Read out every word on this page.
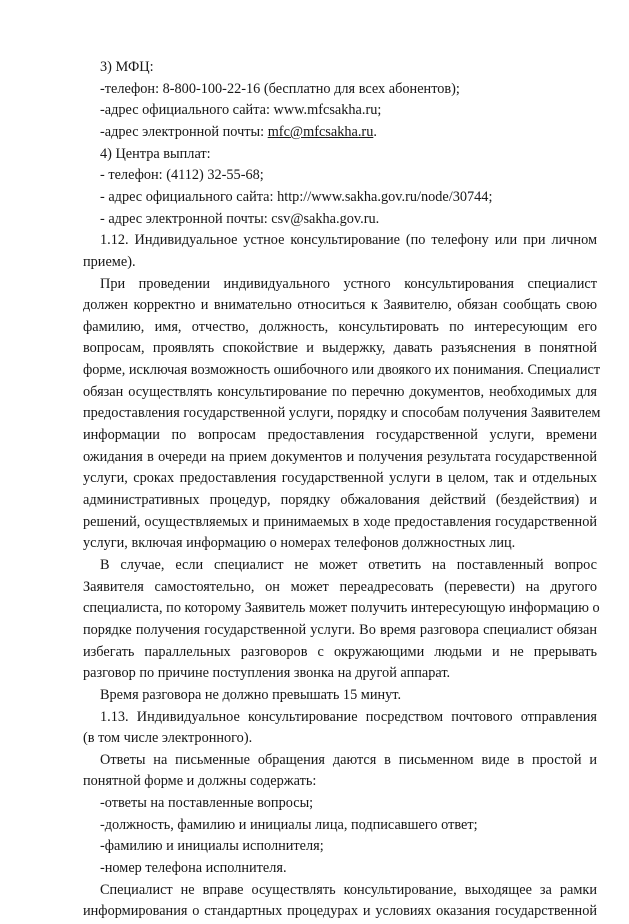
3) МФЦ:
-телефон: 8-800-100-22-16 (бесплатно для всех абонентов);
-адрес официального сайта: www.mfcsakha.ru;
-адрес электронной почты: mfc@mfcsakha.ru.
4) Центра выплат:
- телефон: (4112) 32-55-68;
- адрес официального сайта: http://www.sakha.gov.ru/node/30744;
- адрес электронной почты: csv@sakha.gov.ru.
1.12. Индивидуальное устное консультирование (по телефону или при личном
приеме).
При проведении индивидуального устного консультирования специалист
должен корректно и внимательно относиться к Заявителю, обязан сообщать свою
фамилию, имя, отчество, должность, консультировать по интересующим его
вопросам, проявлять спокойствие и выдержку, давать разъяснения в понятной
форме, исключая возможность ошибочного или двоякого их понимания. Специалист
обязан осуществлять консультирование по перечню документов, необходимых для
предоставления государственной услуги, порядку и способам получения Заявителем
информации по вопросам предоставления государственной услуги, времени
ожидания в очереди на прием документов и получения результата государственной
услуги, сроках предоставления государственной услуги в целом, так и отдельных
административных процедур, порядку обжалования действий (бездействия) и
решений, осуществляемых и принимаемых в ходе предоставления государственной
услуги, включая информацию о номерах телефонов должностных лиц.
В случае, если специалист не может ответить на поставленный вопрос
Заявителя самостоятельно, он может переадресовать (перевести) на другого
специалиста, по которому Заявитель может получить интересующую информацию о
порядке получения государственной услуги. Во время разговора специалист обязан
избегать параллельных разговоров с окружающими людьми и не прерывать
разговор по причине поступления звонка на другой аппарат.
Время разговора не должно превышать 15 минут.
1.13. Индивидуальное консультирование посредством почтового отправления
(в том числе электронного).
Ответы на письменные обращения даются в письменном виде в простой и
понятной форме и должны содержать:
-ответы на поставленные вопросы;
-должность, фамилию и инициалы лица, подписавшего ответ;
-фамилию и инициалы исполнителя;
-номер телефона исполнителя.
Специалист не вправе осуществлять консультирование, выходящее за рамки
информирования о стандартных процедурах и условиях оказания государственной
